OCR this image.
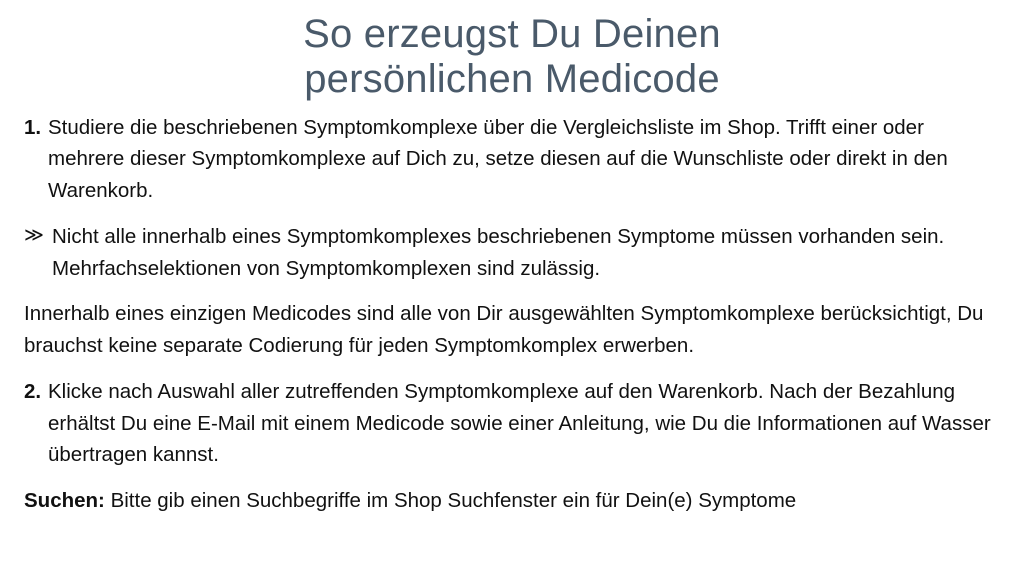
So erzeugst Du Deinen
persönlichen Medicode

1. Studiere die beschriebenen Symptomkomplexe über die Vergleichsliste im Shop. Trifft einer oder mehrere dieser Symptomkomplexe auf Dich zu, setze diesen auf die Wunschliste oder direkt in den Warenkorb.

≫ Nicht alle innerhalb eines Symptomkomplexes beschriebenen Symptome müssen vorhanden sein. Mehrfachselektionen von Symptomkomplexen sind zulässig.

Innerhalb eines einzigen Medicodes sind alle von Dir ausgewählten Symptomkomplexe berücksichtigt, Du brauchst keine separate Codierung für jeden Symptomkomplex erwerben.

2. Klicke nach Auswahl aller zutreffenden Symptomkomplexe auf den Warenkorb. Nach der Bezahlung erhältst Du eine E-Mail mit einem Medicode sowie einer Anleitung, wie Du die Informationen auf Wasser übertragen kannst.

Suchen: Bitte gib einen Suchbegriffe im Shop Suchfenster ein für Dein(e) Symptome
